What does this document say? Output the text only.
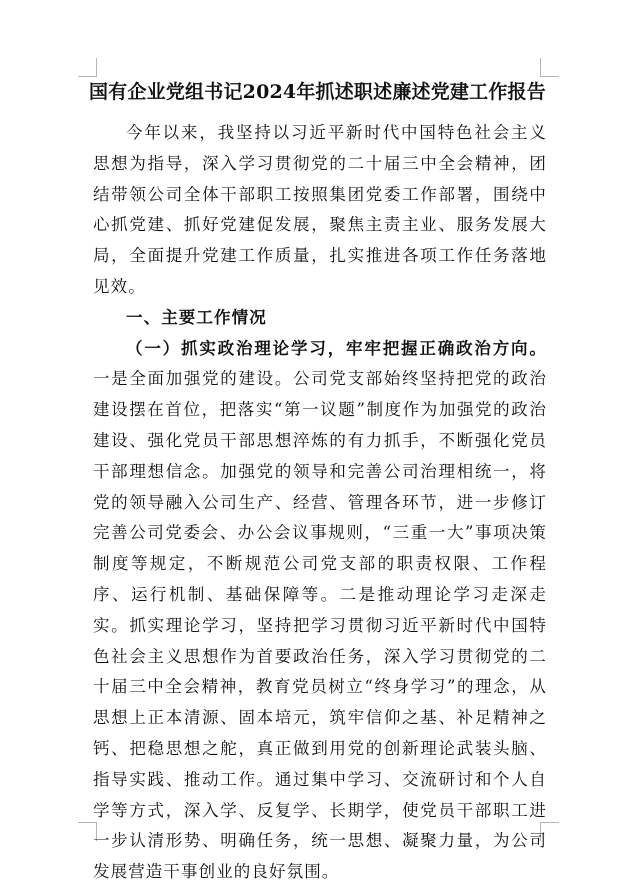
国有企业党组书记2024年抓述职述廉述党建工作报告

今年以来，我坚持以习近平新时代中国特色社会主义思想为指导，深入学习贯彻党的二十届三中全会精神，团结带领公司全体干部职工按照集团党委工作部署，围绕中心抓党建、抓好党建促发展，聚焦主责主业、服务发展大局，全面提升党建工作质量，扎实推进各项工作任务落地见效。

一、主要工作情况

（一）抓实政治理论学习，牢牢把握正确政治方向。一是全面加强党的建设。公司党支部始终坚持把党的政治建设摆在首位，把落实“第一议题”制度作为加强党的政治建设、强化党员干部思想淬炼的有力抓手，不断强化党员干部理想信念。加强党的领导和完善公司治理相统一，将党的领导融入公司生产、经营、管理各环节，进一步修订完善公司党委会、办公会议事规则，“三重一大”事项决策制度等规定，不断规范公司党支部的职责权限、工作程序、运行机制、基础保障等。二是推动理论学习走深走实。抓实理论学习，坚持把学习贯彻习近平新时代中国特色社会主义思想作为首要政治任务，深入学习贯彻党的二十届三中全会精神，教育党员树立“终身学习”的理念，从思想上正本清源、固本培元，筑牢信仰之基、补足精神之钙、把稳思想之舵，真正做到用党的创新理论武装头脑、指导实践、推动工作。通过集中学习、交流研讨和个人自学等方式，深入学、反复学、长期学，使党员干部职工进一步认清形势、明确任务，统一思想、凝聚力量，为公司发展营造干事创业的良好氛围。
